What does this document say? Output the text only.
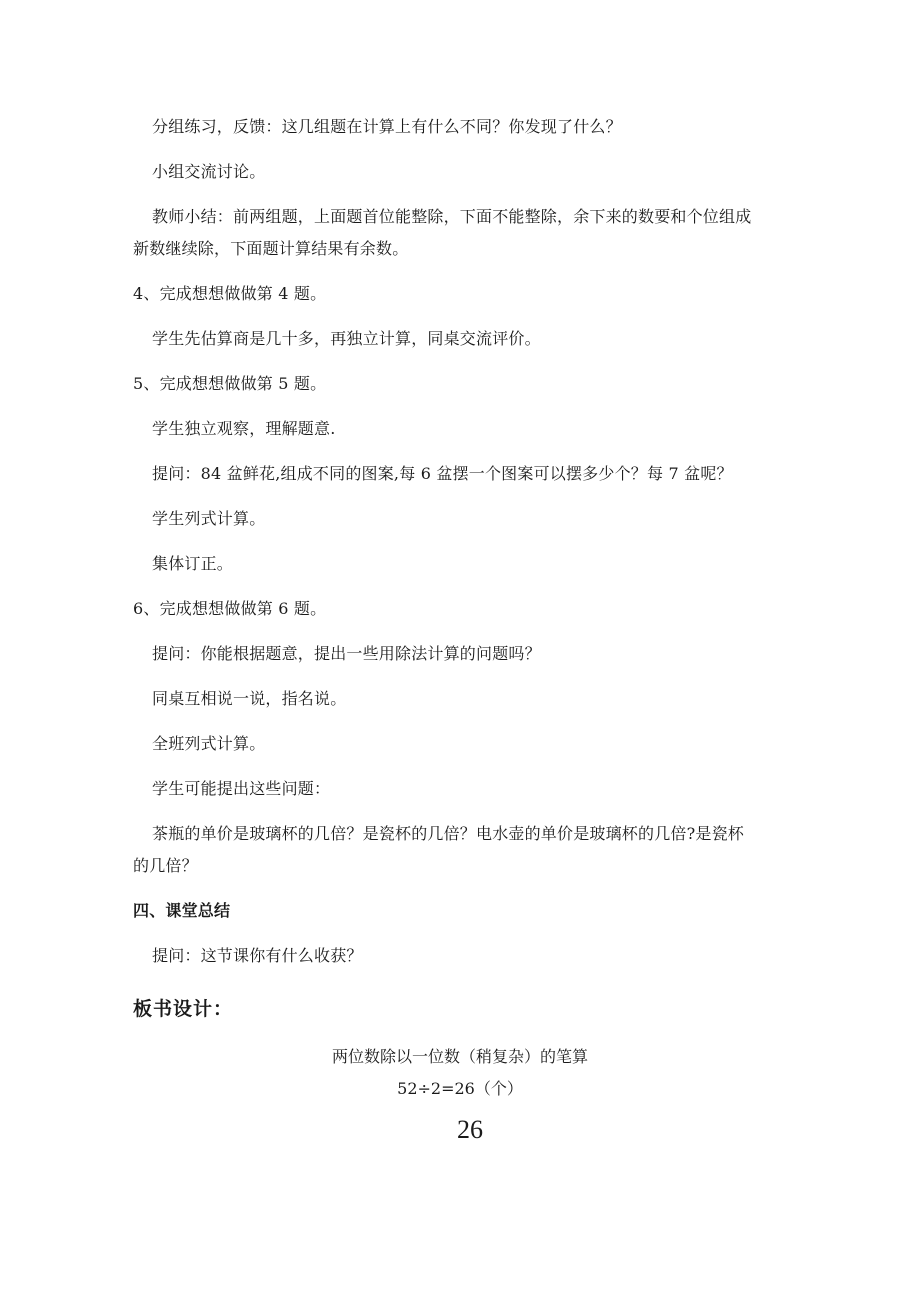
分组练习，反馈：这几组题在计算上有什么不同？你发现了什么？
小组交流讨论。
教师小结：前两组题，上面题首位能整除，下面不能整除，余下来的数要和个位组成
新数继续除，下面题计算结果有余数。
4、完成想想做做第 4 题。
学生先估算商是几十多，再独立计算，同桌交流评价。
5、完成想想做做第 5 题。
学生独立观察，理解题意.
提问：84 盆鲜花,组成不同的图案,每 6 盆摆一个图案可以摆多少个？每 7 盆呢？
学生列式计算。
集体订正。
6、完成想想做做第 6 题。
提问：你能根据题意，提出一些用除法计算的问题吗？
同桌互相说一说，指名说。
全班列式计算。
学生可能提出这些问题：
茶瓶的单价是玻璃杯的几倍？是瓷杯的几倍？电水壶的单价是玻璃杯的几倍?是瓷杯
的几倍？
四、课堂总结
提问：这节课你有什么收获？
板书设计：
两位数除以一位数（稍复杂）的笔算
52÷2=26（个）
26
